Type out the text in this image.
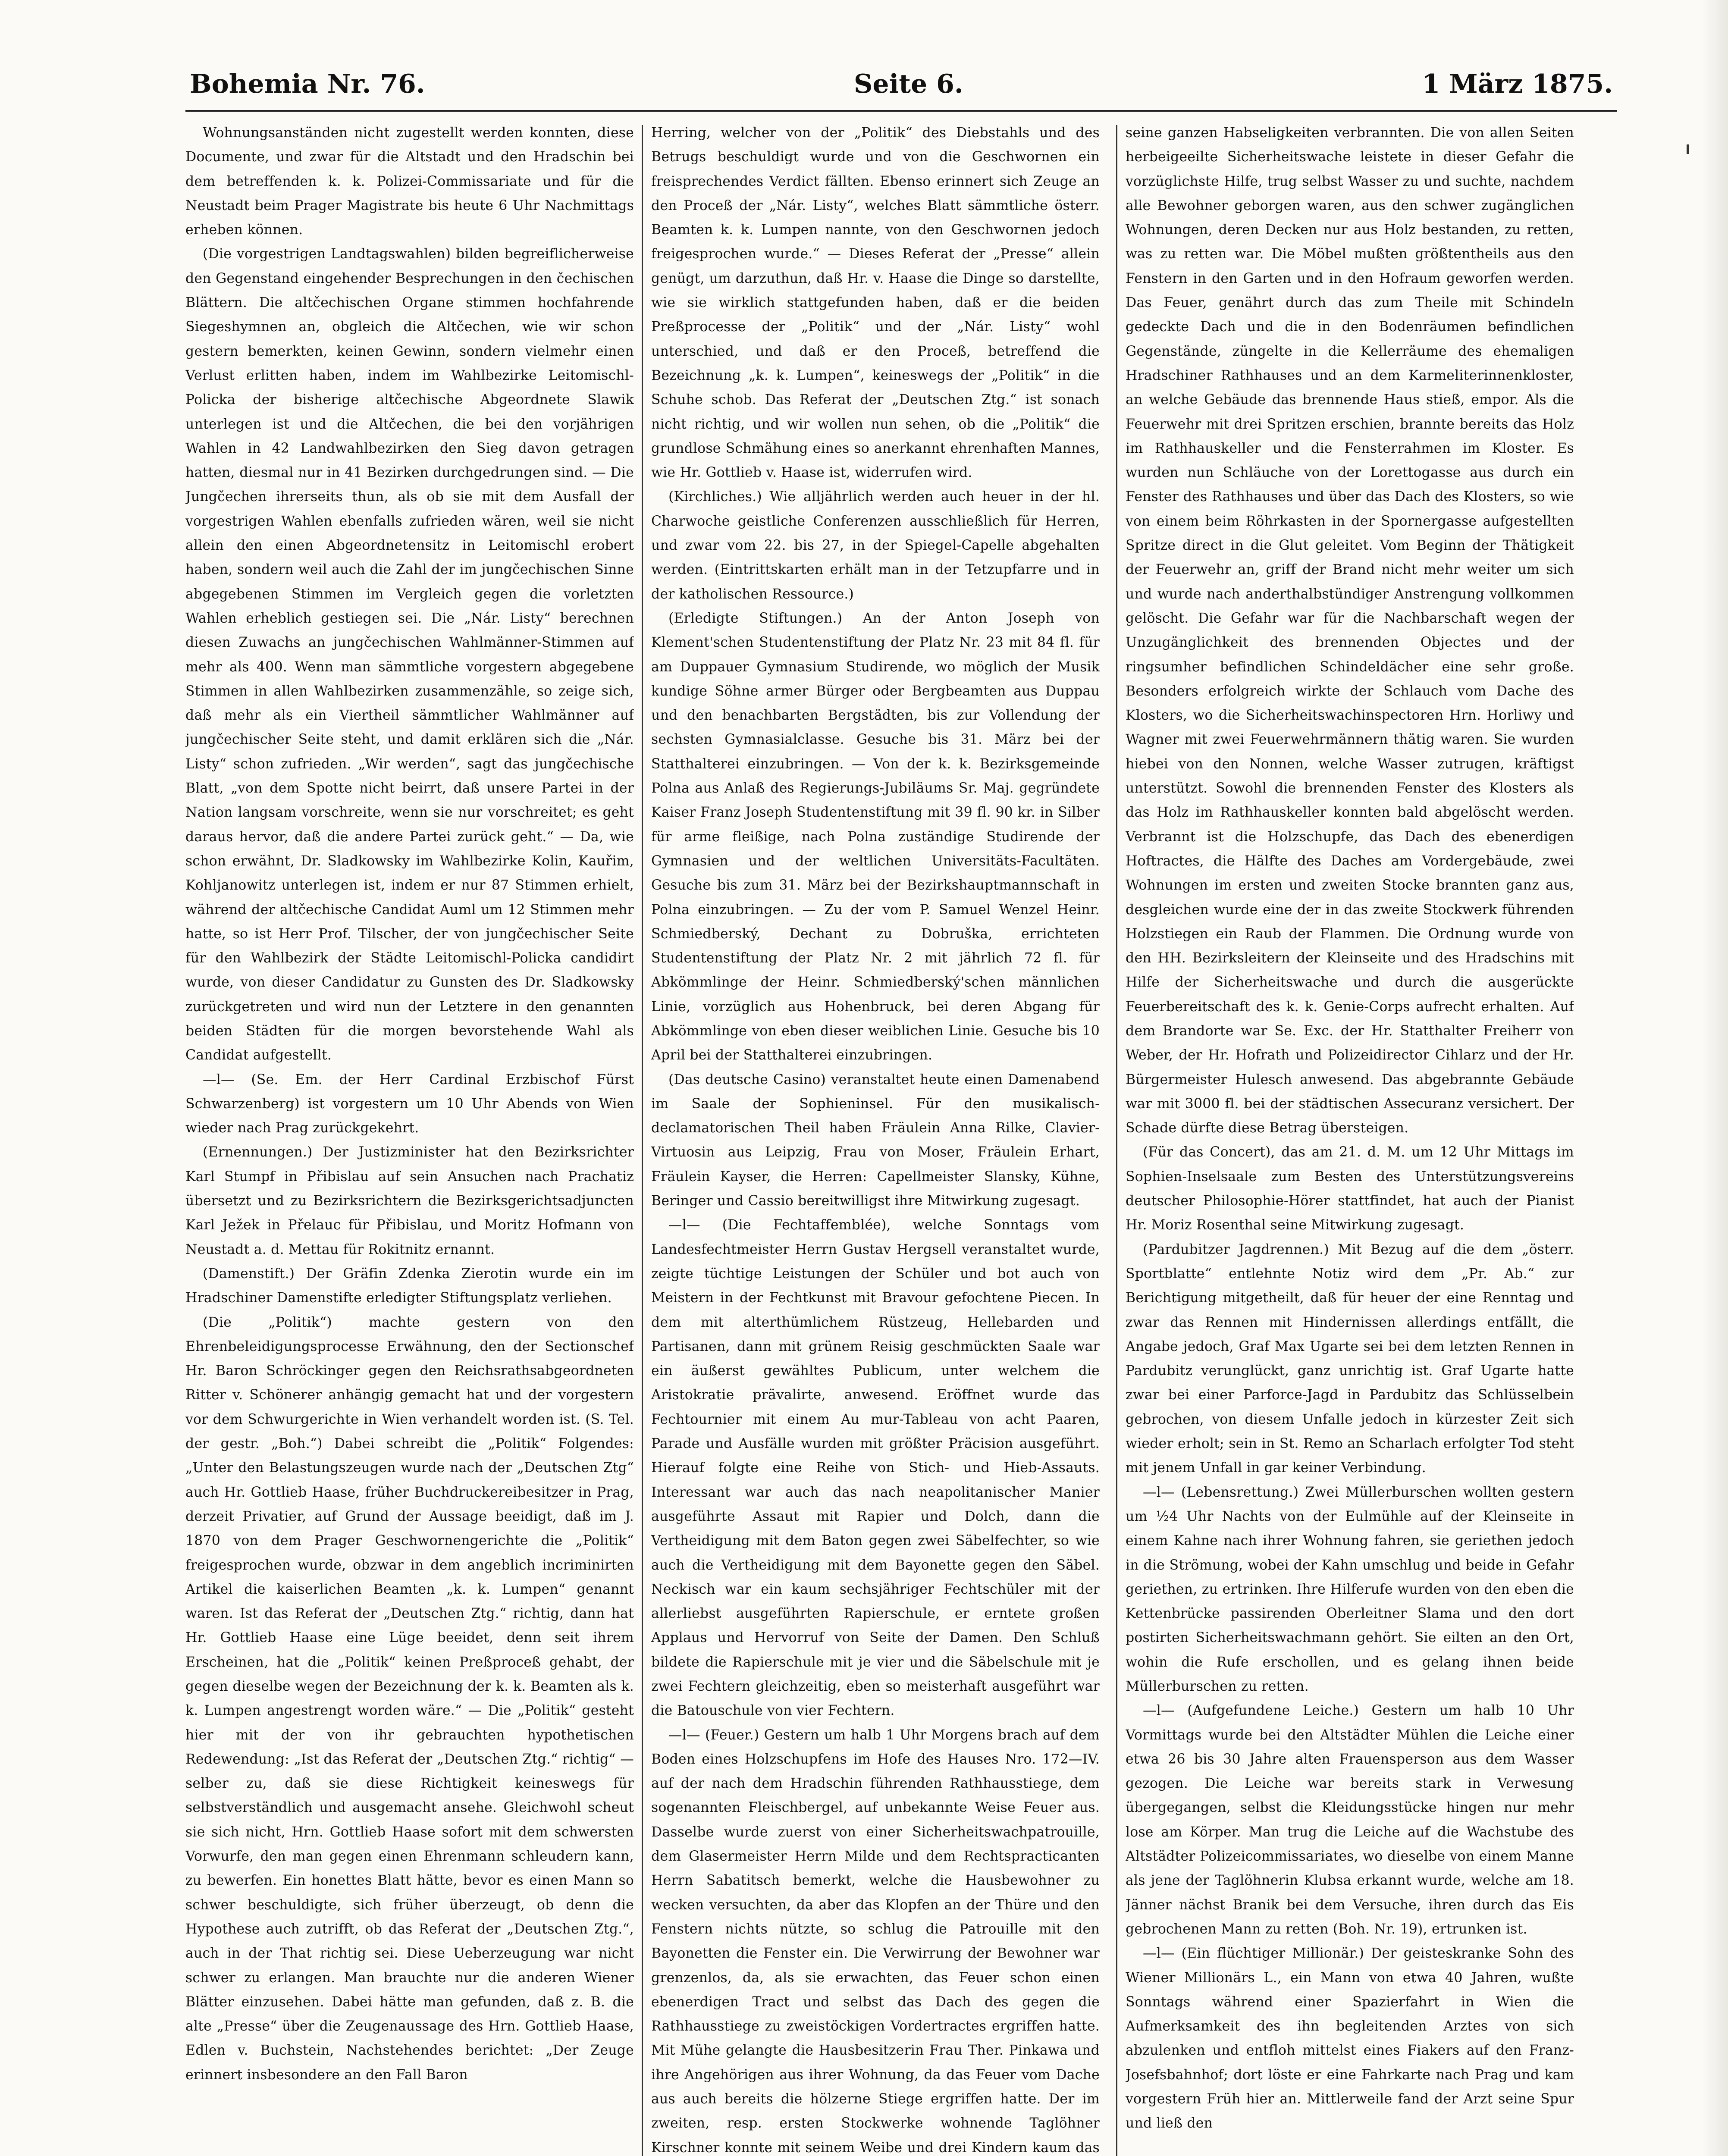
Bohemia Nr. 76.	Seite 6.	1 März 1875.

Wohnungsanständen nicht zugestellt werden konnten, diese Documente, und zwar für die Altstadt und den Hradschin bei dem betreffenden k. k. Polizei-Commissariate und für die Neustadt beim Prager Magistrate bis heute 6 Uhr Nachmittags erheben können.

(Die vorgestrigen Landtagswahlen) bilden begreiflicherweise den Gegenstand eingehender Besprechungen in den čechischen Blättern. Die altčechischen Organe stimmen hochfahrende Siegeshymnen an, obgleich die Altčechen, wie wir schon gestern bemerkten, keinen Gewinn, sondern vielmehr einen Verlust erlitten haben, indem im Wahlbezirke Leitomischl-Policka der bisherige altčechische Abgeordnete Slawik unterlegen ist und die Altčechen, die bei den vorjährigen Wahlen in 42 Landwahlbezirken den Sieg davon getragen hatten, diesmal nur in 41 Bezirken durchgedrungen sind. — Die Jungčechen ihrerseits thun, als ob sie mit dem Ausfall der vorgestrigen Wahlen ebenfalls zufrieden wären, weil sie nicht allein den einen Abgeordnetensitz in Leitomischl erobert haben, sondern weil auch die Zahl der im jungčechischen Sinne abgegebenen Stimmen im Vergleich gegen die vorletzten Wahlen erheblich gestiegen sei. Die „Nár. Listy“ berechnen diesen Zuwachs an jungčechischen Wahlmänner-Stimmen auf mehr als 400. Wenn man sämmtliche vorgestern abgegebene Stimmen in allen Wahlbezirken zusammenzähle, so zeige sich, daß mehr als ein Viertheil sämmtlicher Wahlmänner auf jungčechischer Seite steht, und damit erklären sich die „Nár. Listy“ schon zufrieden. „Wir werden“, sagt das jungčechische Blatt, „von dem Spotte nicht beirrt, daß unsere Partei in der Nation langsam vorschreite, wenn sie nur vorschreitet; es geht daraus hervor, daß die andere Partei zurück geht.“ — Da, wie schon erwähnt, Dr. Sladkowsky im Wahlbezirke Kolin, Kauřim, Kohljanowitz unterlegen ist, indem er nur 87 Stimmen erhielt, während der altčechische Candidat Auml um 12 Stimmen mehr hatte, so ist Herr Prof. Tilscher, der von jungčechischer Seite für den Wahlbezirk der Städte Leitomischl-Policka candidirt wurde, von dieser Candidatur zu Gunsten des Dr. Sladkowsky zurückgetreten und wird nun der Letztere in den genannten beiden Städten für die morgen bevorstehende Wahl als Candidat aufgestellt.

—l— (Se. Em. der Herr Cardinal Erzbischof Fürst Schwarzenberg) ist vorgestern um 10 Uhr Abends von Wien wieder nach Prag zurückgekehrt.

(Ernennungen.) Der Justizminister hat den Bezirksrichter Karl Stumpf in Přibislau auf sein Ansuchen nach Prachatiz übersetzt und zu Bezirksrichtern die Bezirksgerichtsadjuncten Karl Ježek in Přelauc für Přibislau, und Moritz Hofmann von Neustadt a. d. Mettau für Rokitnitz ernannt.

(Damenstift.) Der Gräfin Zdenka Zierotin wurde ein im Hradschiner Damenstifte erledigter Stiftungsplatz verliehen.

(Die „Politik“) machte gestern von den Ehrenbeleidigungsprocesse Erwähnung, den der Sectionschef Hr. Baron Schröckinger gegen den Reichsrathsabgeordneten Ritter v. Schönerer anhängig gemacht hat und der vorgestern vor dem Schwurgerichte in Wien verhandelt worden ist. (S. Tel. der gestr. „Boh.“) Dabei schreibt die „Politik“ Folgendes: „Unter den Belastungszeugen wurde nach der „Deutschen Ztg“ auch Hr. Gottlieb Haase, früher Buchdruckereibesitzer in Prag, derzeit Privatier, auf Grund der Aussage beeidigt, daß im J. 1870 von dem Prager Geschwornengerichte die „Politik“ freigesprochen wurde, obzwar in dem angeblich incriminirten Artikel die kaiserlichen Beamten „k. k. Lumpen“ genannt waren. Ist das Referat der „Deutschen Ztg.“ richtig, dann hat Hr. Gottlieb Haase eine Lüge beeidet, denn seit ihrem Erscheinen, hat die „Politik“ keinen Preßproceß gehabt, der gegen dieselbe wegen der Bezeichnung der k. k. Beamten als k. k. Lumpen angestrengt worden wäre.“ — Die „Politik“ gesteht hier mit der von ihr gebrauchten hypothetischen Redewendung: „Ist das Referat der „Deutschen Ztg.“ richtig“ — selber zu, daß sie diese Richtigkeit keineswegs für selbstverständlich und ausgemacht ansehe. Gleichwohl scheut sie sich nicht, Hrn. Gottlieb Haase sofort mit dem schwersten Vorwurfe, den man gegen einen Ehrenmann schleudern kann, zu bewerfen. Ein honettes Blatt hätte, bevor es einen Mann so schwer beschuldigte, sich früher überzeugt, ob denn die Hypothese auch zutrifft, ob das Referat der „Deutschen Ztg.“, auch in der That richtig sei. Diese Ueberzeugung war nicht schwer zu erlangen. Man brauchte nur die anderen Wiener Blätter einzusehen. Dabei hätte man gefunden, daß z. B. die alte „Presse“ über die Zeugenaussage des Hrn. Gottlieb Haase, Edlen v. Buchstein, Nachstehendes berichtet: „Der Zeuge erinnert insbesondere an den Fall Baron

Herring, welcher von der „Politik“ des Diebstahls und des Betrugs beschuldigt wurde und von die Geschwornen ein freisprechendes Verdict fällten. Ebenso erinnert sich Zeuge an den Proceß der „Nár. Listy“, welches Blatt sämmtliche österr. Beamten k. k. Lumpen nannte, von den Geschwornen jedoch freigesprochen wurde.“ — Dieses Referat der „Presse“ allein genügt, um darzuthun, daß Hr. v. Haase die Dinge so darstellte, wie sie wirklich stattgefunden haben, daß er die beiden Preßprocesse der „Politik“ und der „Nár. Listy“ wohl unterschied, und daß er den Proceß, betreffend die Bezeichnung „k. k. Lumpen“, keineswegs der „Politik“ in die Schuhe schob. Das Referat der „Deutschen Ztg.“ ist sonach nicht richtig, und wir wollen nun sehen, ob die „Politik“ die grundlose Schmähung eines so anerkannt ehrenhaften Mannes, wie Hr. Gottlieb v. Haase ist, widerrufen wird.

(Kirchliches.) Wie alljährlich werden auch heuer in der hl. Charwoche geistliche Conferenzen ausschließlich für Herren, und zwar vom 22. bis 27, in der Spiegel-Capelle abgehalten werden. (Eintrittskarten erhält man in der Tetzupfarre und in der katholischen Ressource.)

(Erledigte Stiftungen.) An der Anton Joseph von Klement'schen Studentenstiftung der Platz Nr. 23 mit 84 fl. für am Duppauer Gymnasium Studirende, wo möglich der Musik kundige Söhne armer Bürger oder Bergbeamten aus Duppau und den benachbarten Bergstädten, bis zur Vollendung der sechsten Gymnasialclasse. Gesuche bis 31. März bei der Statthalterei einzubringen. — Von der k. k. Bezirksgemeinde Polna aus Anlaß des Regierungs-Jubiläums Sr. Maj. gegründete Kaiser Franz Joseph Studentenstiftung mit 39 fl. 90 kr. in Silber für arme fleißige, nach Polna zuständige Studirende der Gymnasien und der weltlichen Universitäts-Facultäten. Gesuche bis zum 31. März bei der Bezirkshauptmannschaft in Polna einzubringen. — Zu der vom P. Samuel Wenzel Heinr. Schmiedberský, Dechant zu Dobruška, errichteten Studentenstiftung der Platz Nr. 2 mit jährlich 72 fl. für Abkömmlinge der Heinr. Schmiedberský'schen männlichen Linie, vorzüglich aus Hohenbruck, bei deren Abgang für Abkömmlinge von eben dieser weiblichen Linie. Gesuche bis 10 April bei der Statthalterei einzubringen.

(Das deutsche Casino) veranstaltet heute einen Damenabend im Saale der Sophieninsel. Für den musikalisch-declamatorischen Theil haben Fräulein Anna Rilke, Clavier-Virtuosin aus Leipzig, Frau von Moser, Fräulein Erhart, Fräulein Kayser, die Herren: Capellmeister Slansky, Kühne, Beringer und Cassio bereitwilligst ihre Mitwirkung zugesagt.

—l— (Die Fechtaffemblée), welche Sonntags vom Landesfechtmeister Herrn Gustav Hergsell veranstaltet wurde, zeigte tüchtige Leistungen der Schüler und bot auch von Meistern in der Fechtkunst mit Bravour gefochtene Piecen. In dem mit alterthümlichem Rüstzeug, Hellebarden und Partisanen, dann mit grünem Reisig geschmückten Saale war ein äußerst gewähltes Publicum, unter welchem die Aristokratie prävalirte, anwesend. Eröffnet wurde das Fechtournier mit einem Au mur-Tableau von acht Paaren, Parade und Ausfälle wurden mit größter Präcision ausgeführt. Hierauf folgte eine Reihe von Stich- und Hieb-Assauts. Interessant war auch das nach neapolitanischer Manier ausgeführte Assaut mit Rapier und Dolch, dann die Vertheidigung mit dem Baton gegen zwei Säbelfechter, so wie auch die Vertheidigung mit dem Bayonette gegen den Säbel. Neckisch war ein kaum sechsjähriger Fechtschüler mit der allerliebst ausgeführten Rapierschule, er erntete großen Applaus und Hervorruf von Seite der Damen. Den Schluß bildete die Rapierschule mit je vier und die Säbelschule mit je zwei Fechtern gleichzeitig, eben so meisterhaft ausgeführt war die Batouschule von vier Fechtern.

—l— (Feuer.) Gestern um halb 1 Uhr Morgens brach auf dem Boden eines Holzschupfens im Hofe des Hauses Nro. 172—IV. auf der nach dem Hradschin führenden Rathhausstiege, dem sogenannten Fleischbergel, auf unbekannte Weise Feuer aus. Dasselbe wurde zuerst von einer Sicherheitswachpatrouille, dem Glasermeister Herrn Milde und dem Rechtspracticanten Herrn Sabatitsch bemerkt, welche die Hausbewohner zu wecken versuchten, da aber das Klopfen an der Thüre und den Fenstern nichts nützte, so schlug die Patrouille mit den Bayonetten die Fenster ein. Die Verwirrung der Bewohner war grenzenlos, da, als sie erwachten, das Feuer schon einen ebenerdigen Tract und selbst das Dach des gegen die Rathhausstiege zu zweistöckigen Vordertractes ergriffen hatte. Mit Mühe gelangte die Hausbesitzerin Frau Ther. Pinkawa und ihre Angehörigen aus ihrer Wohnung, da das Feuer vom Dache aus auch bereits die hölzerne Stiege ergriffen hatte. Der im zweiten, resp. ersten Stockwerke wohnende Taglöhner Kirschner konnte mit seinem Weibe und drei Kindern kaum das

seine ganzen Habseligkeiten verbrannten. Die von allen Seiten herbeigeeilte Sicherheitswache leistete in dieser Gefahr die vorzüglichste Hilfe, trug selbst Wasser zu und suchte, nachdem alle Bewohner geborgen waren, aus den schwer zugänglichen Wohnungen, deren Decken nur aus Holz bestanden, zu retten, was zu retten war. Die Möbel mußten größtentheils aus den Fenstern in den Garten und in den Hofraum geworfen werden. Das Feuer, genährt durch das zum Theile mit Schindeln gedeckte Dach und die in den Bodenräumen befindlichen Gegenstände, züngelte in die Kellerräume des ehemaligen Hradschiner Rathhauses und an dem Karmeliterinnenkloster, an welche Gebäude das brennende Haus stieß, empor. Als die Feuerwehr mit drei Spritzen erschien, brannte bereits das Holz im Rathhauskeller und die Fensterrahmen im Kloster. Es wurden nun Schläuche von der Lorettogasse aus durch ein Fenster des Rathhauses und über das Dach des Klosters, so wie von einem beim Röhrkasten in der Spornergasse aufgestellten Spritze direct in die Glut geleitet. Vom Beginn der Thätigkeit der Feuerwehr an, griff der Brand nicht mehr weiter um sich und wurde nach anderthalbstündiger Anstrengung vollkommen gelöscht. Die Gefahr war für die Nachbarschaft wegen der Unzugänglichkeit des brennenden Objectes und der ringsumher befindlichen Schindeldächer eine sehr große. Besonders erfolgreich wirkte der Schlauch vom Dache des Klosters, wo die Sicherheitswachinspectoren Hrn. Horliwy und Wagner mit zwei Feuerwehrmännern thätig waren. Sie wurden hiebei von den Nonnen, welche Wasser zutrugen, kräftigst unterstützt. Sowohl die brennenden Fenster des Klosters als das Holz im Rathhauskeller konnten bald abgelöscht werden. Verbrannt ist die Holzschupfe, das Dach des ebenerdigen Hoftractes, die Hälfte des Daches am Vordergebäude, zwei Wohnungen im ersten und zweiten Stocke brannten ganz aus, desgleichen wurde eine der in das zweite Stockwerk führenden Holzstiegen ein Raub der Flammen. Die Ordnung wurde von den HH. Bezirksleitern der Kleinseite und des Hradschins mit Hilfe der Sicherheitswache und durch die ausgerückte Feuerbereitschaft des k. k. Genie-Corps aufrecht erhalten. Auf dem Brandorte war Se. Exc. der Hr. Statthalter Freiherr von Weber, der Hr. Hofrath und Polizeidirector Cihlarz und der Hr. Bürgermeister Hulesch anwesend. Das abgebrannte Gebäude war mit 3000 fl. bei der städtischen Assecuranz versichert. Der Schade dürfte diese Betrag übersteigen.

(Für das Concert), das am 21. d. M. um 12 Uhr Mittags im Sophien-Inselsaale zum Besten des Unterstützungsvereins deutscher Philosophie-Hörer stattfindet, hat auch der Pianist Hr. Moriz Rosenthal seine Mitwirkung zugesagt.

(Pardubitzer Jagdrennen.) Mit Bezug auf die dem „österr. Sportblatte“ entlehnte Notiz wird dem „Pr. Ab.“ zur Berichtigung mitgetheilt, daß für heuer der eine Renntag und zwar das Rennen mit Hindernissen allerdings entfällt, die Angabe jedoch, Graf Max Ugarte sei bei dem letzten Rennen in Pardubitz verunglückt, ganz unrichtig ist. Graf Ugarte hatte zwar bei einer Parforce-Jagd in Pardubitz das Schlüsselbein gebrochen, von diesem Unfalle jedoch in kürzester Zeit sich wieder erholt; sein in St. Remo an Scharlach erfolgter Tod steht mit jenem Unfall in gar keiner Verbindung.

—l— (Lebensrettung.) Zwei Müllerburschen wollten gestern um ½4 Uhr Nachts von der Eulmühle auf der Kleinseite in einem Kahne nach ihrer Wohnung fahren, sie geriethen jedoch in die Strömung, wobei der Kahn umschlug und beide in Gefahr geriethen, zu ertrinken. Ihre Hilferufe wurden von den eben die Kettenbrücke passirenden Oberleitner Slama und den dort postirten Sicherheitswachmann gehört. Sie eilten an den Ort, wohin die Rufe erschollen, und es gelang ihnen beide Müllerburschen zu retten.

—l— (Aufgefundene Leiche.) Gestern um halb 10 Uhr Vormittags wurde bei den Altstädter Mühlen die Leiche einer etwa 26 bis 30 Jahre alten Frauensperson aus dem Wasser gezogen. Die Leiche war bereits stark in Verwesung übergegangen, selbst die Kleidungsstücke hingen nur mehr lose am Körper. Man trug die Leiche auf die Wachstube des Altstädter Polizeicommissariates, wo dieselbe von einem Manne als jene der Taglöhnerin Klubsa erkannt wurde, welche am 18. Jänner nächst Branik bei dem Versuche, ihren durch das Eis gebrochenen Mann zu retten (Boh. Nr. 19), ertrunken ist.

—l— (Ein flüchtiger Millionär.) Der geisteskranke Sohn des Wiener Millionärs L., ein Mann von etwa 40 Jahren, wußte Sonntags während einer Spazierfahrt in Wien die Aufmerksamkeit des ihn begleitenden Arztes von sich abzulenken und entfloh mittelst eines Fiakers auf den Franz-Josefsbahnhof; dort löste er eine Fahrkarte nach Prag und kam vorgestern Früh hier an. Mittlerweile fand der Arzt seine Spur und ließ den
